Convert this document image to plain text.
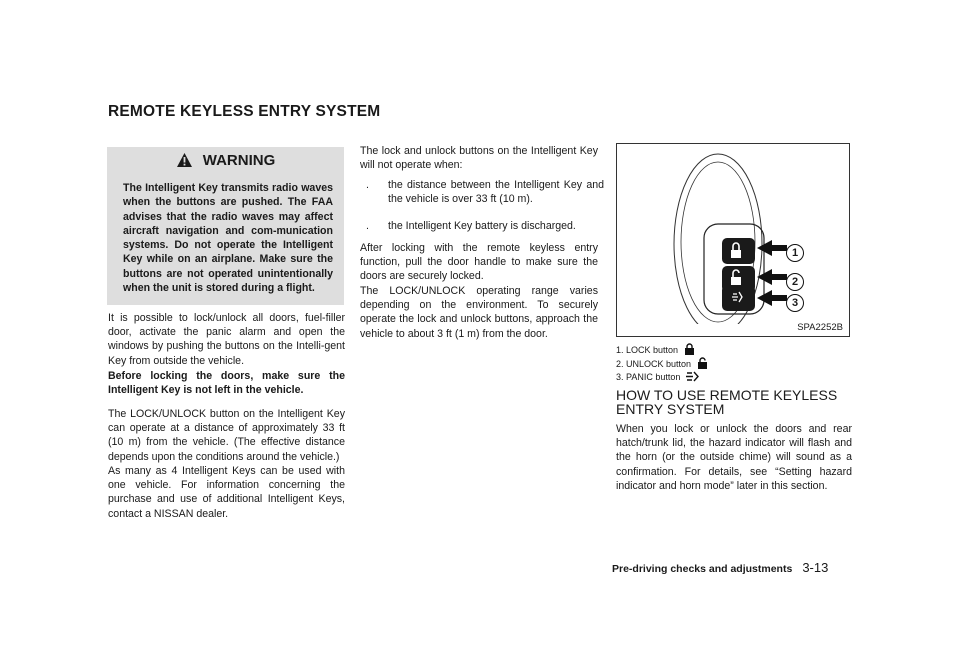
REMOTE KEYLESS ENTRY SYSTEM
WARNING
The Intelligent Key transmits radio waves when the buttons are pushed. The FAA advises that the radio waves may affect aircraft navigation and com-munication systems. Do not operate the Intelligent Key while on an airplane. Make sure the buttons are not operated unintentionally when the unit is stored during a flight.
It is possible to lock/unlock all doors, fuel-filler door, activate the panic alarm and open the windows by pushing the buttons on the Intelli-gent Key from outside the vehicle.
Before locking the doors, make sure the Intelligent Key is not left in the vehicle.
The LOCK/UNLOCK button on the Intelligent Key can operate at a distance of approximately 33 ft (10 m) from the vehicle. (The effective distance depends upon the conditions around the vehicle.)
As many as 4 Intelligent Keys can be used with one vehicle. For information concerning the purchase and use of additional Intelligent Keys, contact a NISSAN dealer.
The lock and unlock buttons on the Intelligent Key will not operate when:
. the distance between the Intelligent Key and the vehicle is over 33 ft (10 m).
. the Intelligent Key battery is discharged.
After locking with the remote keyless entry function, pull the door handle to make sure the doors are securely locked.
The LOCK/UNLOCK operating range varies depending on the environment. To securely operate the lock and unlock buttons, approach the vehicle to about 3 ft (1 m) from the door.
1
2
3
SPA2252B
1. LOCK button
2. UNLOCK button
3. PANIC button
HOW TO USE REMOTE KEYLESS ENTRY SYSTEM
When you lock or unlock the doors and rear hatch/trunk lid, the hazard indicator will flash and the horn (or the outside chime) will sound as a confirmation. For details, see “Setting hazard indicator and horn mode” later in this section.
Pre-driving checks and adjustments 3-13
